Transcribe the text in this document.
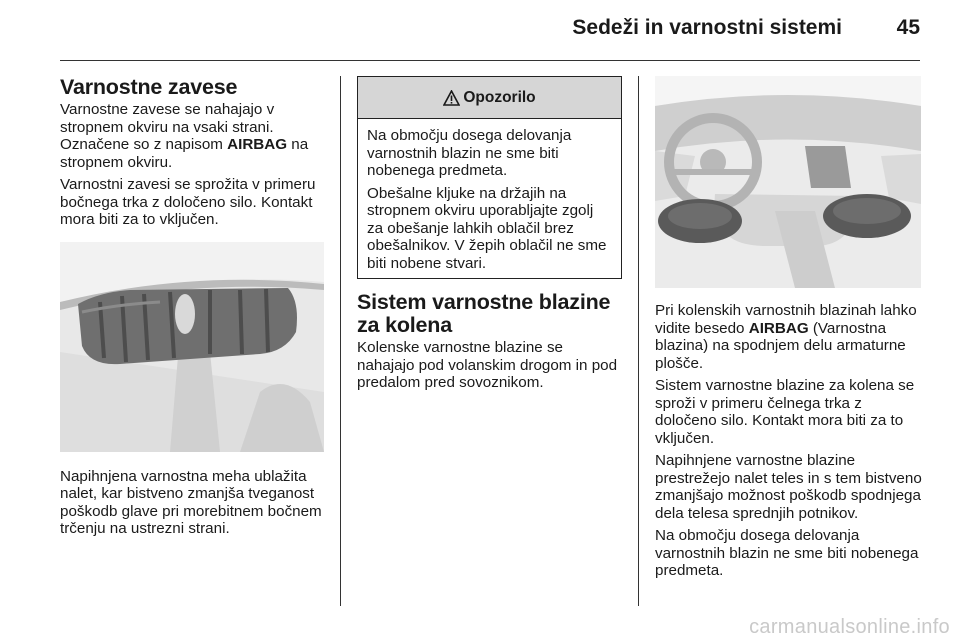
Sedeži in varnostni sistemi	45
Varnostne zavese

Varnostne zavese se nahajajo v stropnem okviru na vsaki strani. Označene so z napisom AIRBAG na stropnem okviru.

Varnostni zavesi se sprožita v primeru bočnega trka z določeno silo. Kontakt mora biti za to vključen.

Napihnjena varnostna meha ublažita nalet, kar bistveno zmanjša tveganost poškodb glave pri morebitnem bočnem trčenju na ustrezni strani.

Opozorilo

Na območju dosega delovanja varnostnih blazin ne sme biti nobenega predmeta.

Obešalne kljuke na držajih na stropnem okviru uporabljajte zgolj za obešanje lahkih oblačil brez obešalnikov. V žepih oblačil ne sme biti nobene stvari.

Sistem varnostne blazine za kolena

Kolenske varnostne blazine se nahajajo pod volanskim drogom in pod predalom pred sovoznikom.

Pri kolenskih varnostnih blazinah lahko vidite besedo AIRBAG (Varnostna blazina) na spodnjem delu armaturne plošče.

Sistem varnostne blazine za kolena se sproži v primeru čelnega trka z določeno silo. Kontakt mora biti za to vključen.

Napihnjene varnostne blazine prestrežejo nalet teles in s tem bistveno zmanjšajo možnost poškodb spodnjega dela telesa sprednjih potnikov.

Na območju dosega delovanja varnostnih blazin ne sme biti nobenega predmeta.

carmanualsonline.info
